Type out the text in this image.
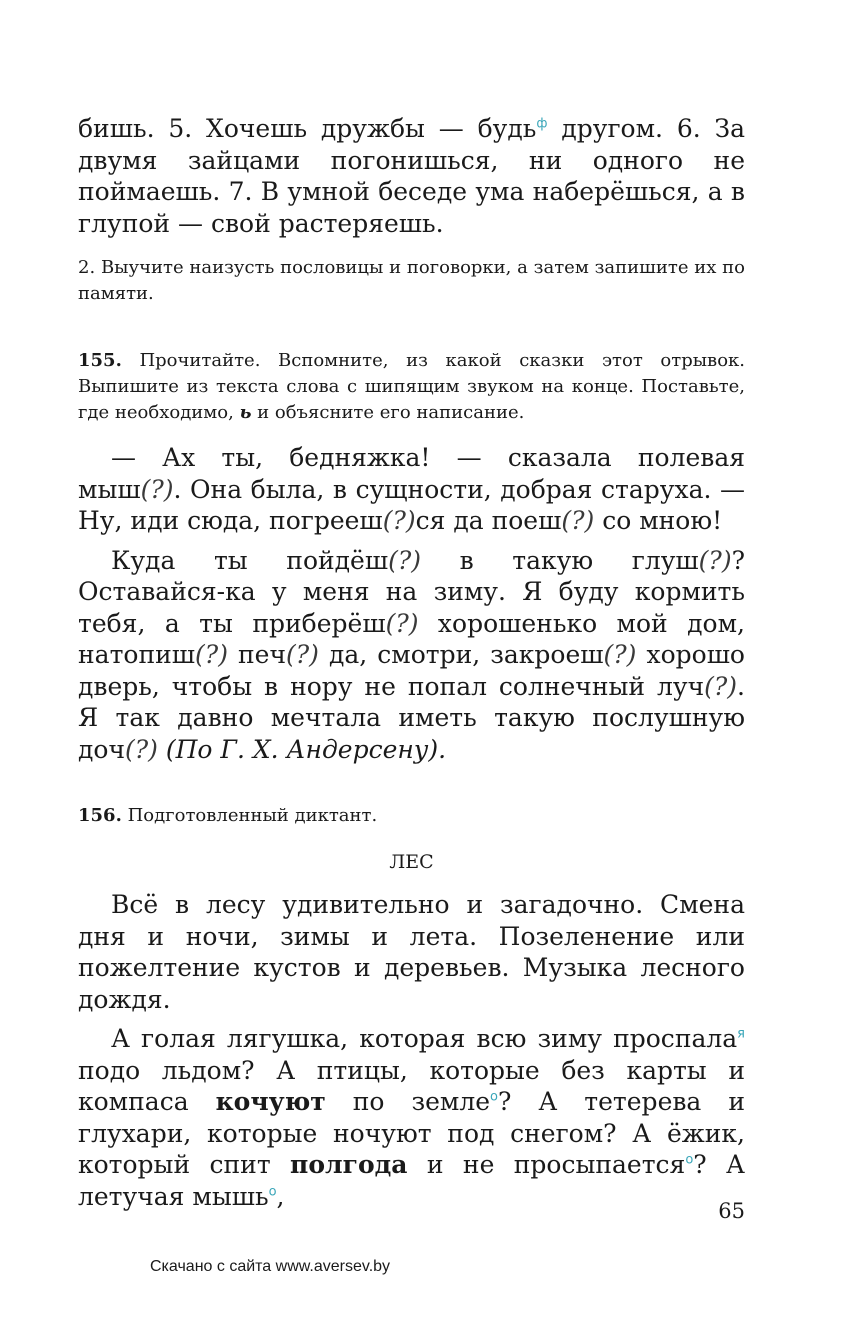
бишь. 5. Хочешь дружбы — будь$^ф$ другом. 6. За двумя зайцами погонишься, ни одного не поймаешь. 7. В умной беседе ума наберёшься, а в глупой — свой растеряешь.

2. Выучите наизусть пословицы и поговорки, а затем запишите их по памяти.

155. Прочитайте. Вспомните, из какой сказки этот отрывок. Выпишите из текста слова с шипящим звуком на конце. Поставьте, где необходимо, ь и объясните его написание.

— Ах ты, бедняжка! — сказала полевая мыш(?). Она была, в сущности, добрая старуха. — Ну, иди сюда, погрееш(?)ся да поеш(?) со мною!

Куда ты пойдёш(?) в такую глуш(?)? Оставайся-ка у меня на зиму. Я буду кормить тебя, а ты приберёш(?) хорошенько мой дом, натопиш(?) печ(?) да, смотри, закроеш(?) хорошо дверь, чтобы в нору не попал солнечный луч(?). Я так давно мечтала иметь такую послушную доч(?) (По Г. Х. Андерсену).

156. Подготовленный диктант.

ЛЕС

Всё в лесу удивительно и загадочно. Смена дня и ночи, зимы и лета. Позеленение или пожелтение кустов и деревьев. Музыка лесного дождя.

А голая лягушка, которая всю зиму проспала$^я$ подо льдом? А птицы, которые без карты и компаса кочуют по земле$^о$? А тетерева и глухари, которые ночуют под снегом? А ёжик, который спит полгода и не просыпается$^о$? А летучая мышь$^о$,

65
Скачано с сайта www.aversev.by
